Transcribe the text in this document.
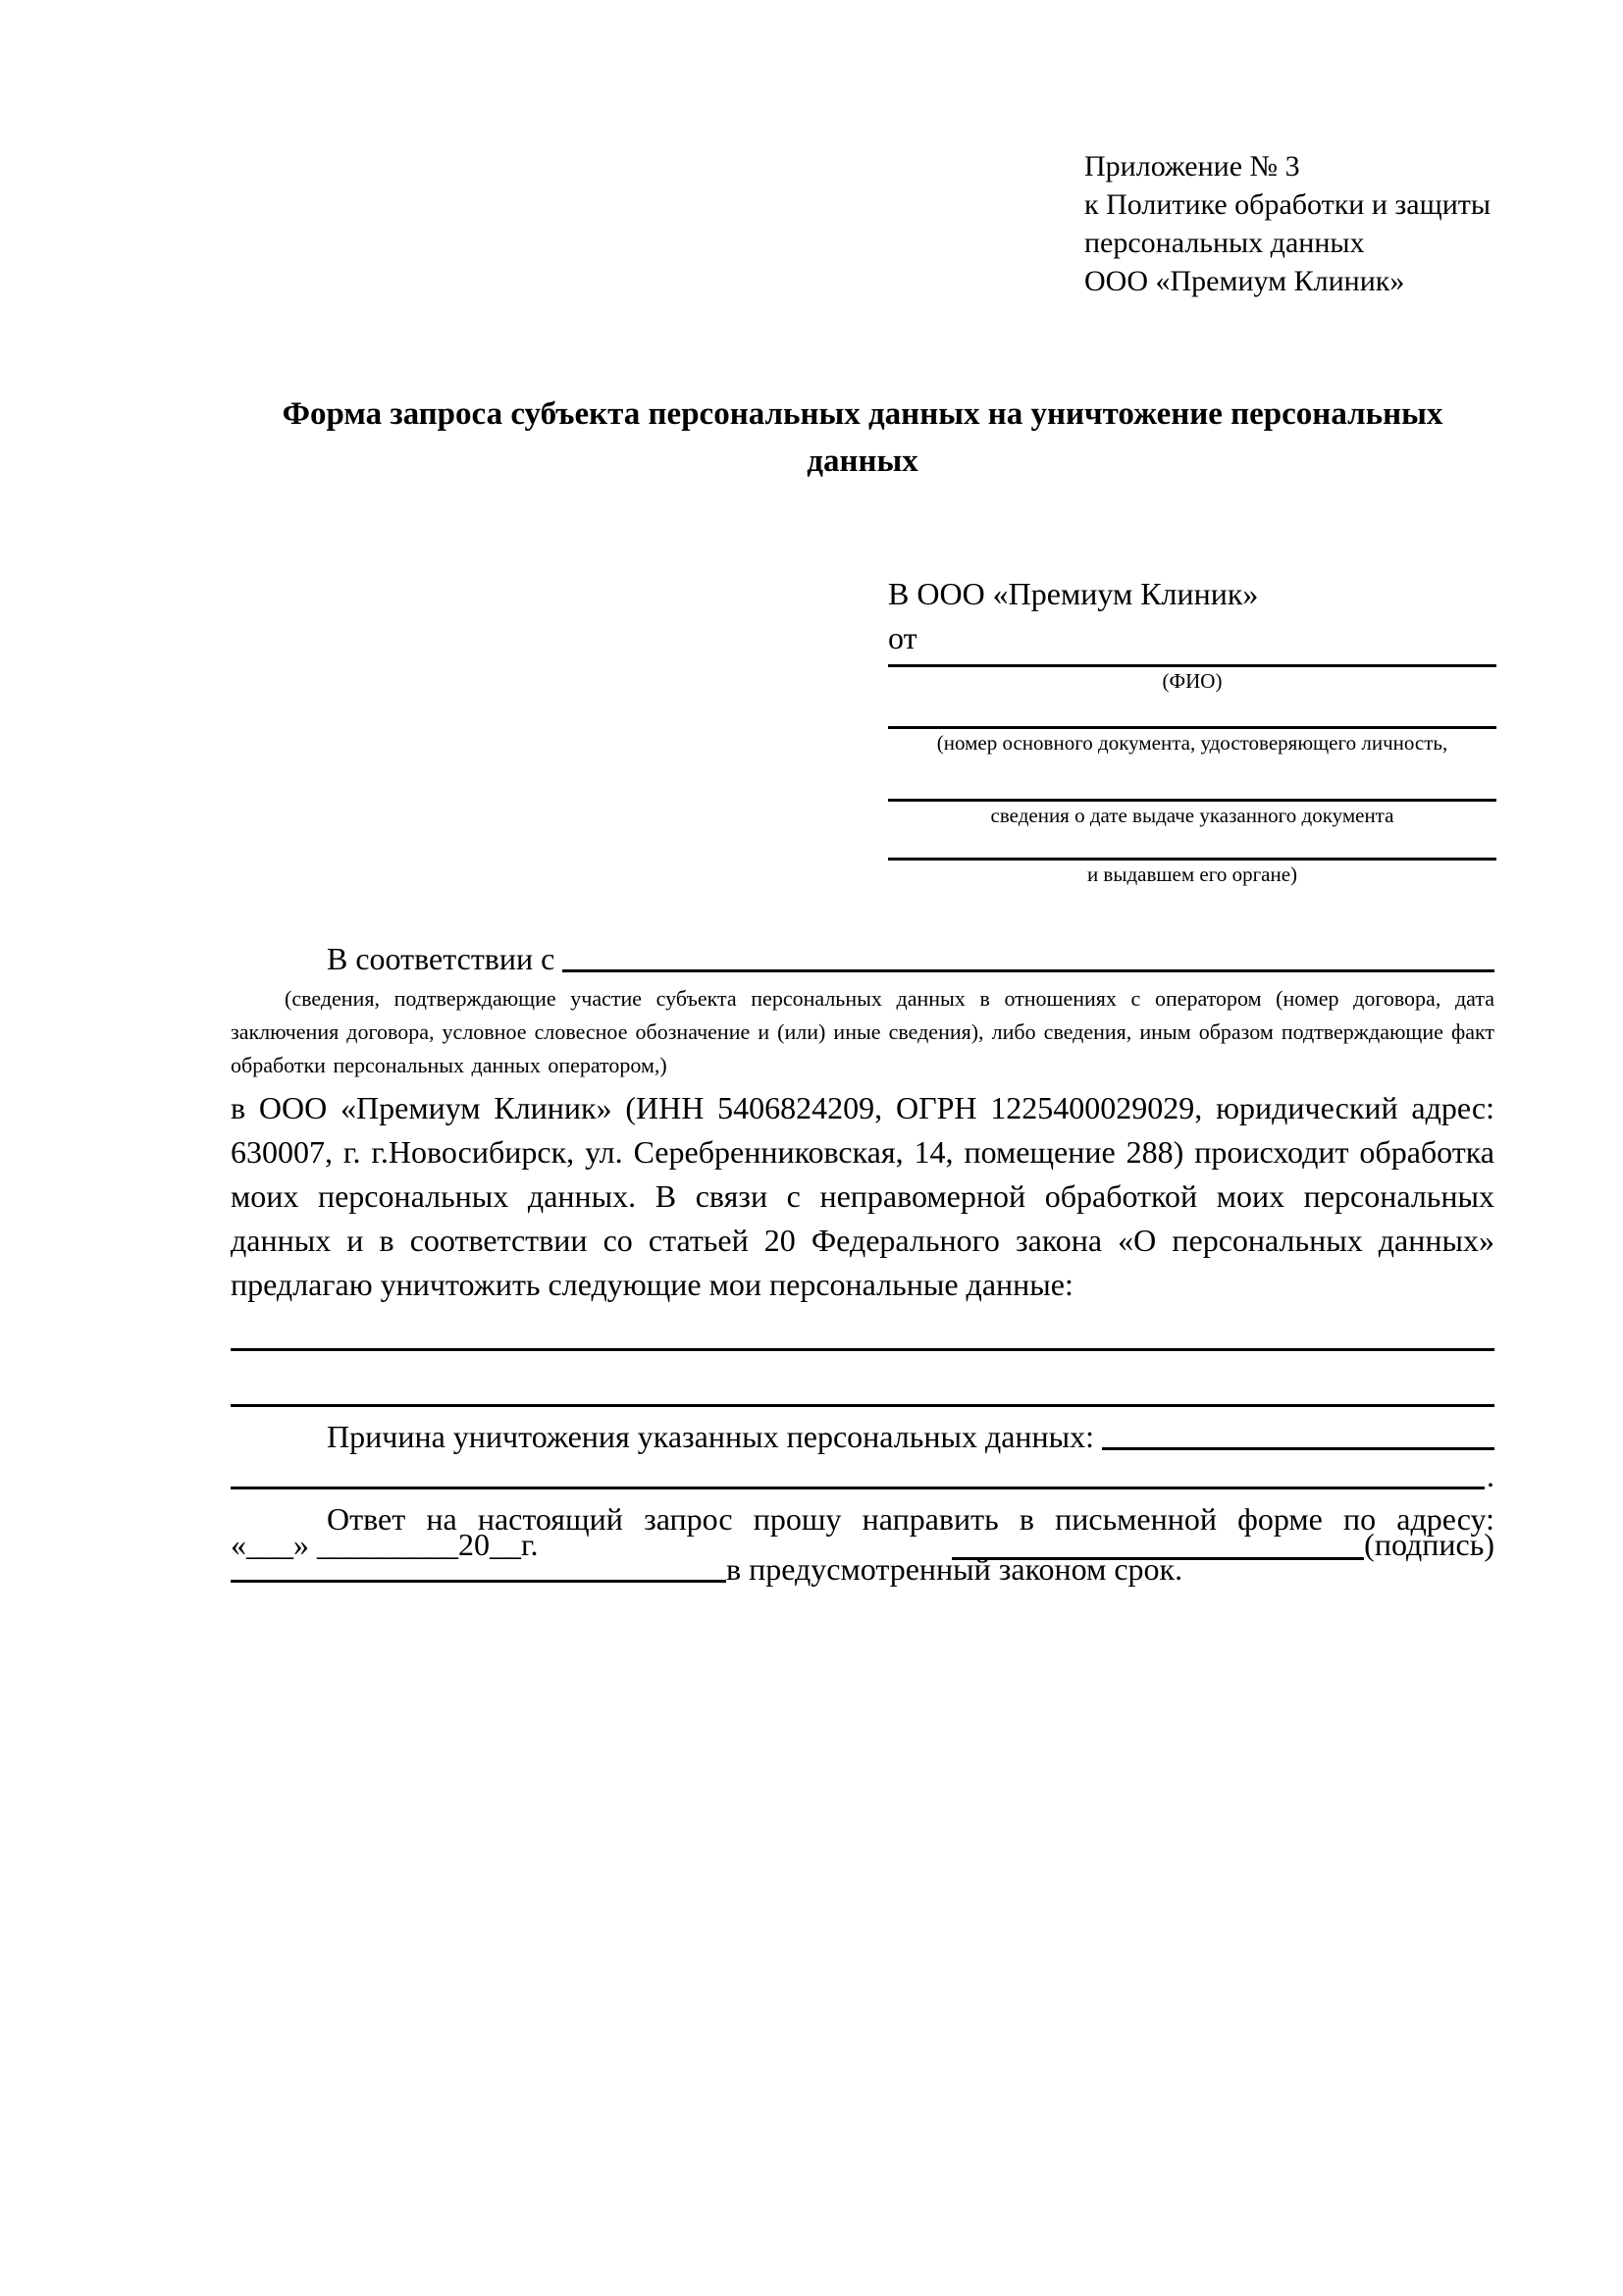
Приложение № 3
к Политике обработки и защиты
персональных данных
ООО «Премиум Клиник»
Форма запроса субъекта персональных данных на уничтожение персональных данных
В ООО «Премиум Клиник»
от
(ФИО)
(номер основного документа, удостоверяющего личность,
сведения о дате выдаче указанного документа
и выдавшем его органе)
В соответствии с
(сведения, подтверждающие участие субъекта персональных данных в отношениях с оператором (номер договора, дата заключения договора, условное словесное обозначение и (или) иные сведения), либо сведения, иным образом подтверждающие факт обработки персональных данных оператором,)
в ООО «Премиум Клиник» (ИНН 5406824209, ОГРН 1225400029029, юридический адрес: 630007, г. г.Новосибирск, ул. Серебренниковская, 14, помещение 288) происходит обработка моих персональных данных. В связи с неправомерной обработкой моих персональных данных и в соответствии со статьей 20 Федерального закона «О персональных данных» предлагаю уничтожить следующие мои персональные данные:
Причина уничтожения указанных персональных данных:
.
Ответ на настоящий запрос прошу направить в письменной форме по адресу:
в предусмотренный законом срок.
«___» _________20__г.	(подпись)
